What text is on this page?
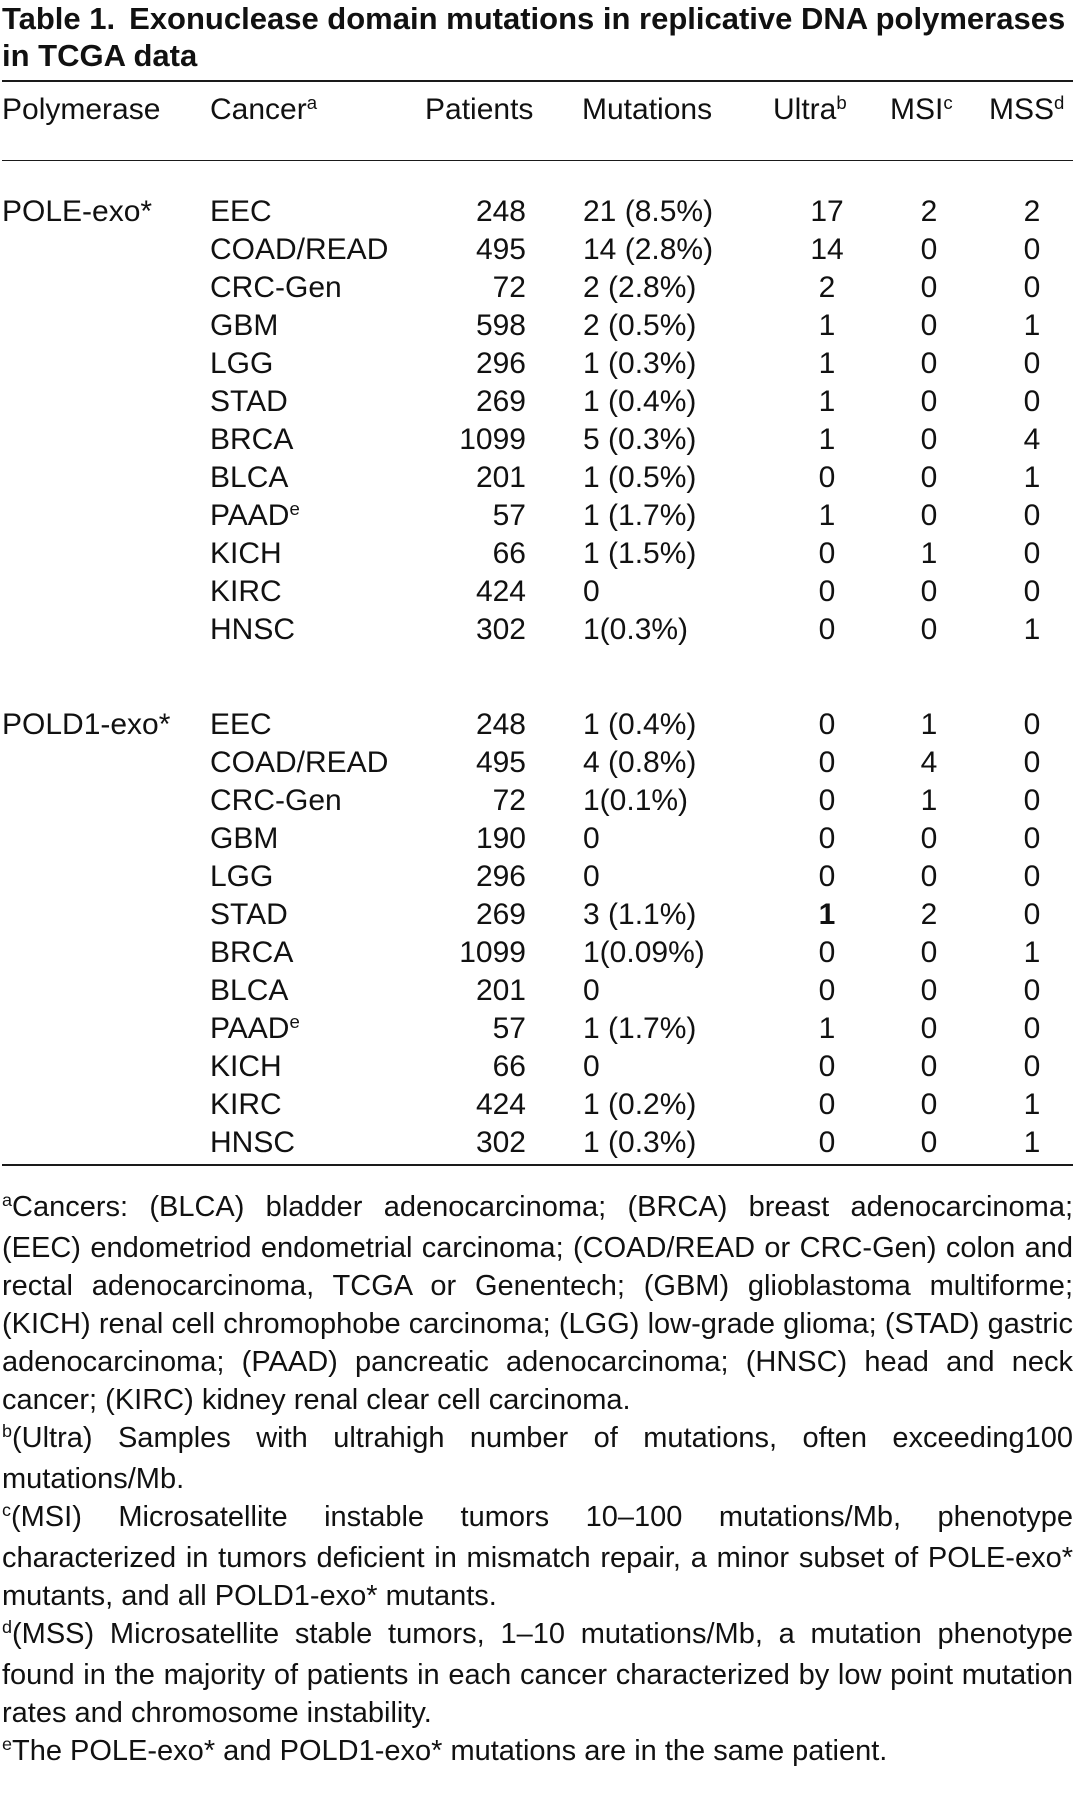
Table 1. Exonuclease domain mutations in replicative DNA polymerases in TCGA data
Polymerase Cancer$^a$	Patients Mutations Ultra$^b$ MSI$^c$ MSS$^d$
POLE-exo* EEC	248 21 (8.5%)	17	2	2
COAD/READ	495 14 (2.8%)	14	0	0
CRC-Gen	72 2 (2.8%)	2	0	0
GBM	598 2 (0.5%)	1	0	1
LGG	296 1 (0.3%)	1	0	0
STAD	269 1 (0.4%)	1	0	0
BRCA	1099 5 (0.3%)	1	0	4
BLCA	201 1 (0.5%)	0	0	1
PAAD$^e$	57 1 (1.7%)	1	0	0
KICH	66 1 (1.5%)	0	1	0
KIRC	424 0	0	0	0
HNSC	302 1(0.3%)	0	0	1
POLD1-exo* EEC	248 1 (0.4%)	0	1	0
COAD/READ	495 4 (0.8%)	0	4	0
CRC-Gen	72 1(0.1%)	0	1	0
GBM	190 0	0	0	0
LGG	296 0	0	0	0
STAD	269 3 (1.1%)	1	2	0
BRCA	1099 1(0.09%)	0	0	1
BLCA	201 0	0	0	0
PAAD$^e$	57 1 (1.7%)	1	0	0
KICH	66 0	0	0	0
KIRC	424 1 (0.2%)	0	0	1
HNSC	302 1 (0.3%)	0	0	1

$^a$Cancers: (BLCA) bladder adenocarcinoma; (BRCA) breast adenocarcinoma; (EEC) endometriod endometrial carcinoma; (COAD/READ or CRC-Gen) colon and rectal adenocarcinoma, TCGA or Genentech; (GBM) glioblastoma multiforme; (KICH) renal cell chromophobe carcinoma; (LGG) low-grade glioma; (STAD) gastric adenocarcinoma; (PAAD) pancreatic adenocarcinoma; (HNSC) head and neck cancer; (KIRC) kidney renal clear cell carcinoma.

$^b$(Ultra) Samples with ultrahigh number of mutations, often exceeding100 mutations/Mb.

$^c$(MSI) Microsatellite instable tumors 10–100 mutations/Mb, phenotype characterized in tumors deficient in mismatch repair, a minor subset of POLE-exo* mutants, and all POLD1-exo* mutants.

$^d$(MSS) Microsatellite stable tumors, 1–10 mutations/Mb, a mutation phenotype found in the majority of patients in each cancer characterized by low point mutation rates and chromosome instability.

$^e$The POLE-exo* and POLD1-exo* mutations are in the same patient.
